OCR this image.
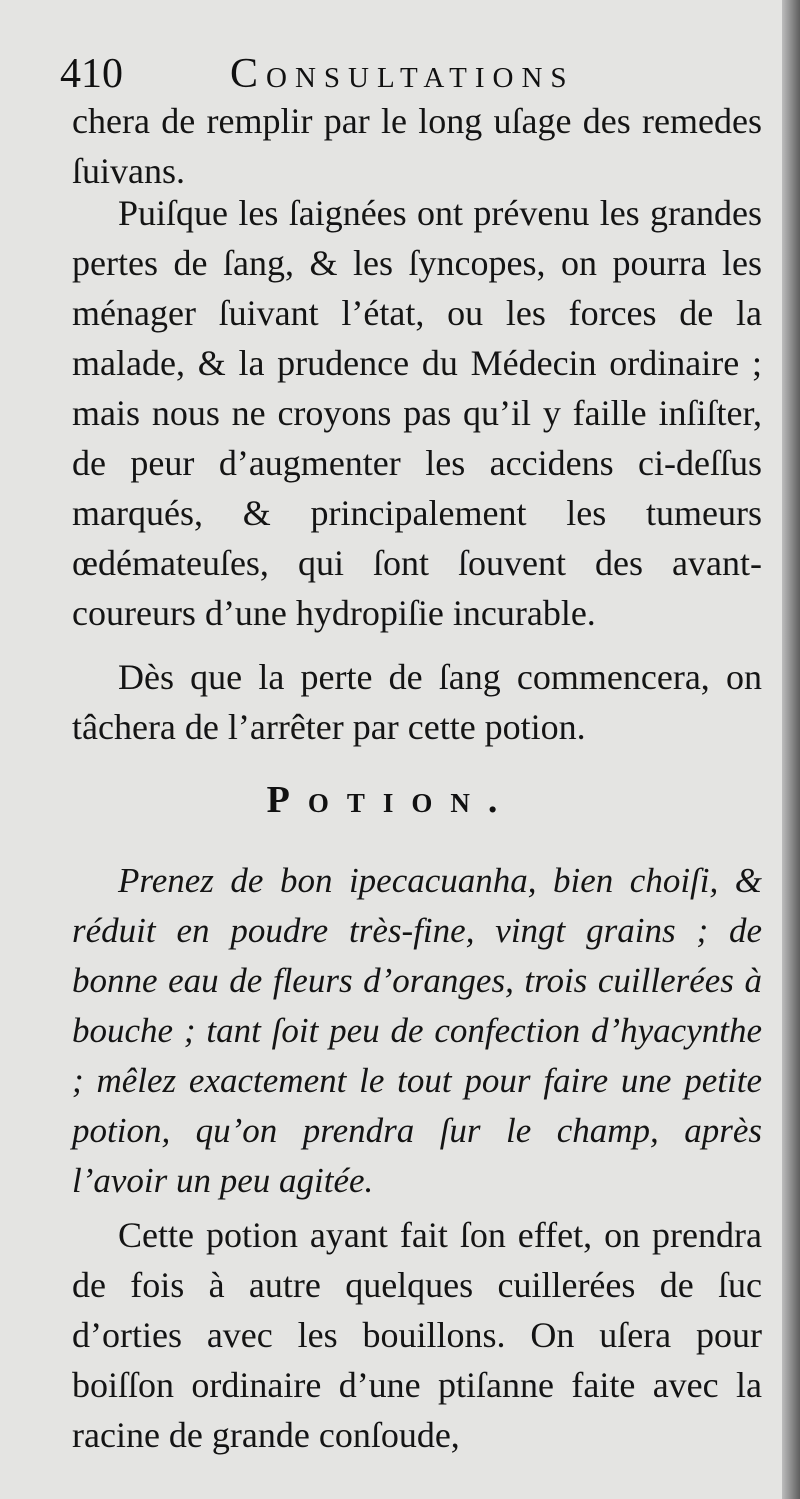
410	Consultations

chera de remplir par le long uſage des remedes ſuivans.

Puiſque les ſaignées ont prévenu les grandes pertes de ſang, & les ſyncopes, on pourra les ménager ſuivant l’état, ou les forces de la malade, & la prudence du Médecin ordinaire ; mais nous ne croyons pas qu’il y faille inſiſter, de peur d’augmenter les accidens ci-deſſus marqués, & principalement les tumeurs œdémateuſes, qui ſont ſouvent des avant-coureurs d’une hydropiſie incurable.

Dès que la perte de ſang commencera, on tâchera de l’arrêter par cette potion.

Potion.

Prenez de bon ipecacuanha, bien choiſi, & réduit en poudre très-fine, vingt grains ; de bonne eau de fleurs d’oranges, trois cuillerées à bouche ; tant ſoit peu de confection d’hyacynthe ; mêlez exactement le tout pour faire une petite potion, qu’on prendra ſur le champ, après l’avoir un peu agitée.

Cette potion ayant fait ſon effet, on prendra de fois à autre quelques cuillerées de ſuc d’orties avec les bouillons. On uſera pour boiſſon ordinaire d’une ptiſanne faite avec la racine de grande conſoude,
